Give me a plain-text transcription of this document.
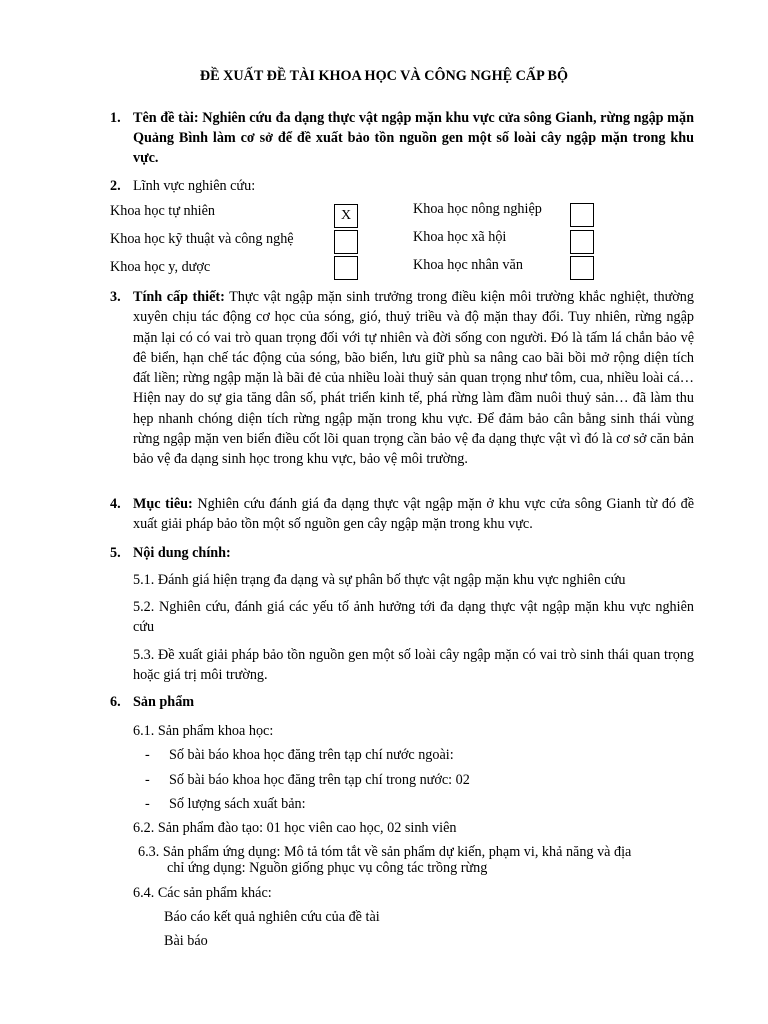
ĐỀ XUẤT ĐỀ TÀI KHOA HỌC VÀ CÔNG NGHỆ CẤP BỘ
1. Tên đề tài: Nghiên cứu đa dạng thực vật ngập mặn khu vực cửa sông Gianh, rừng ngập mặn Quảng Bình làm cơ sở để đề xuất bảo tồn nguồn gen một số loài cây ngập mặn trong khu vực.
2. Lĩnh vực nghiên cứu:
Khoa học tự nhiên	X
Khoa học kỹ thuật và công nghệ
Khoa học y, dược
Khoa học nông nghiệp
Khoa học xã hội
Khoa học nhân văn
3. Tính cấp thiết: Thực vật ngập mặn sinh trưởng trong điều kiện môi trường khắc nghiệt, thường xuyên chịu tác động cơ học của sóng, gió, thuỷ triều và độ mặn thay đổi. Tuy nhiên, rừng ngập mặn lại có có vai trò quan trọng đối với tự nhiên và đời sống con người. Đó là tấm lá chắn bảo vệ đê biển, hạn chế tác động của sóng, bão biển, lưu giữ phù sa nâng cao bãi bồi mở rộng diện tích đất liền; rừng ngập mặn là bãi đẻ của nhiều loài thuỷ sản quan trọng như tôm, cua, nhiều loài cá… Hiện nay do sự gia tăng dân số, phát triển kinh tế, phá rừng làm đầm nuôi thuỷ sản… đã làm thu hẹp nhanh chóng diện tích rừng ngập mặn trong khu vực. Để đảm bảo cân bằng sinh thái vùng rừng ngập mặn ven biển điều cốt lõi quan trọng cần bảo vệ đa dạng thực vật vì đó là cơ sở căn bản bảo vệ đa dạng sinh học trong khu vực, bảo vệ môi trường.
4. Mục tiêu: Nghiên cứu đánh giá đa dạng thực vật ngập mặn ở khu vực cửa sông Gianh từ đó đề xuất giải pháp bảo tồn một số nguồn gen cây ngập mặn trong khu vực.
5. Nội dung chính:
5.1. Đánh giá hiện trạng đa dạng và sự phân bố thực vật ngập mặn khu vực nghiên cứu
5.2. Nghiên cứu, đánh giá các yếu tố ảnh hưởng tới đa dạng thực vật ngập mặn khu vực nghiên cứu
5.3. Đề xuất giải pháp bảo tồn nguồn gen một số loài cây ngập mặn có vai trò sinh thái quan trọng hoặc giá trị môi trường.
6. Sản phẩm
6.1. Sản phẩm khoa học:
- Số bài báo khoa học đăng trên tạp chí nước ngoài:
- Số bài báo khoa học đăng trên tạp chí trong nước: 02
- Số lượng sách xuất bản:
6.2. Sản phẩm đào tạo: 01 học viên cao học, 02 sinh viên
6.3. Sản phẩm ứng dụng: Mô tả tóm tắt về sản phẩm dự kiến, phạm vi, khả năng và địa
chỉ ứng dụng: Nguồn giống phục vụ công tác trồng rừng
6.4. Các sản phẩm khác:
Báo cáo kết quả nghiên cứu của đề tài
Bài báo
